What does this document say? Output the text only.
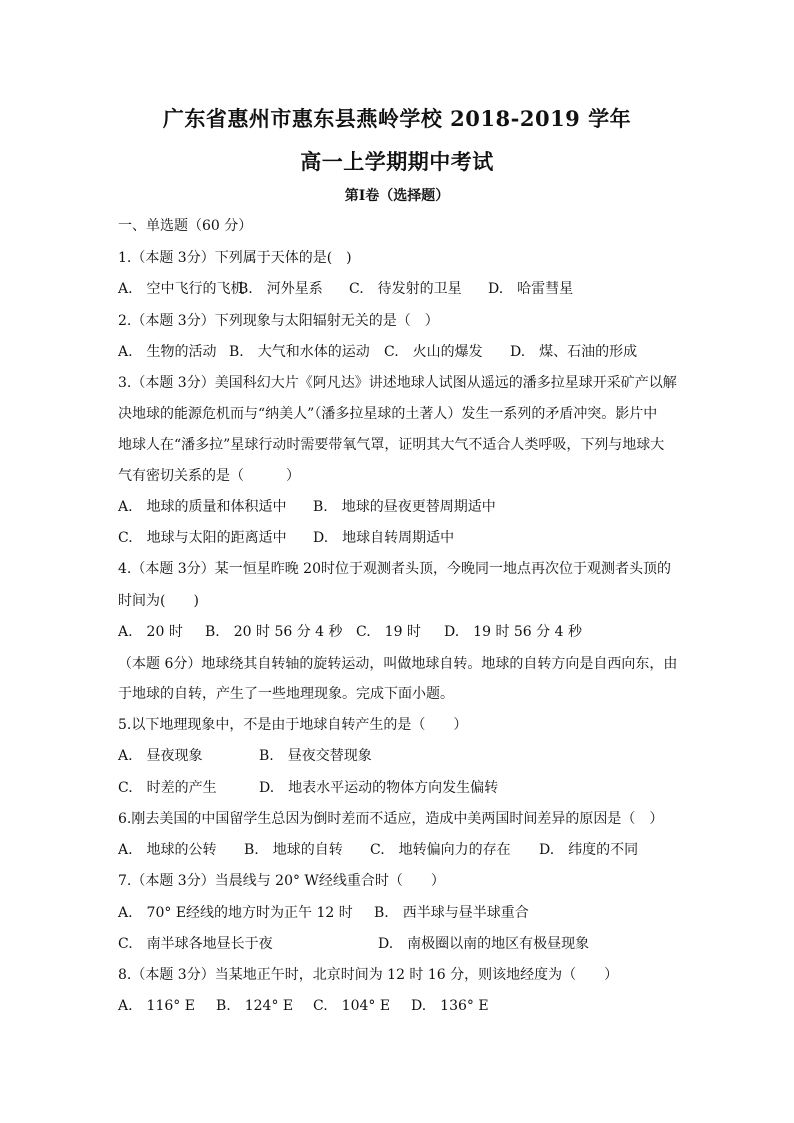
广东省惠州市惠东县燕岭学校 2018-2019 学年
高一上学期期中考试
第Ⅰ卷（选择题）
一、单选题（60 分）
1.（本题 3分）下列属于天体的是(　)
A.　空中飞行的飞机B.　河外星系 C.　待发射的卫星 D.　哈雷彗星
2.（本题 3分）下列现象与太阳辐射无关的是（　）
A.　生物的活动 B.　大气和水体的运动 C.　火山的爆发 D.　煤、石油的形成
3.（本题 3分）美国科幻大片《阿凡达》讲述地球人试图从遥远的潘多拉星球开采矿产以解
决地球的能源危机而与“纳美人”（潘多拉星球的土著人）发生一系列的矛盾冲突。影片中
地球人在“潘多拉”星球行动时需要带氧气罩，证明其大气不适合人类呼吸，下列与地球大
气有密切关系的是（　　　）
A.　地球的质量和体积适中 B.　地球的昼夜更替周期适中
C.　地球与太阳的距离适中 D.　地球自转周期适中
4.（本题 3分）某一恒星昨晚 20时位于观测者头顶，今晚同一地点再次位于观测者头顶的
时间为(　　)
A.　20 时 B.　20 时 56 分 4 秒 C.　19 时 D.　19 时 56 分 4 秒
（本题 6分）地球绕其自转轴的旋转运动，叫做地球自转。地球的自转方向是自西向东，由
于地球的自转，产生了一些地理现象。完成下面小题。
5.以下地理现象中，不是由于地球自转产生的是（　　）
A.　昼夜现象	B.　昼夜交替现象
C.　时差的产生	D.　地表水平运动的物体方向发生偏转
6.刚去美国的中国留学生总因为倒时差而不适应，造成中美两国时间差异的原因是（　）
A.　地球的公转 B.　地球的自转 C.　地转偏向力的存在 D.　纬度的不同
7.（本题 3分）当晨线与 20° W经线重合时（　　）
A.　70° E经线的地方时为正午 12 时 B.　西半球与昼半球重合
C.　南半球各地昼长于夜	D.　南极圈以南的地区有极昼现象
8.（本题 3分）当某地正午时，北京时间为 12 时 16 分，则该地经度为（　　）
A.　116° E B.　124° E C.　104° E D.　136° E
